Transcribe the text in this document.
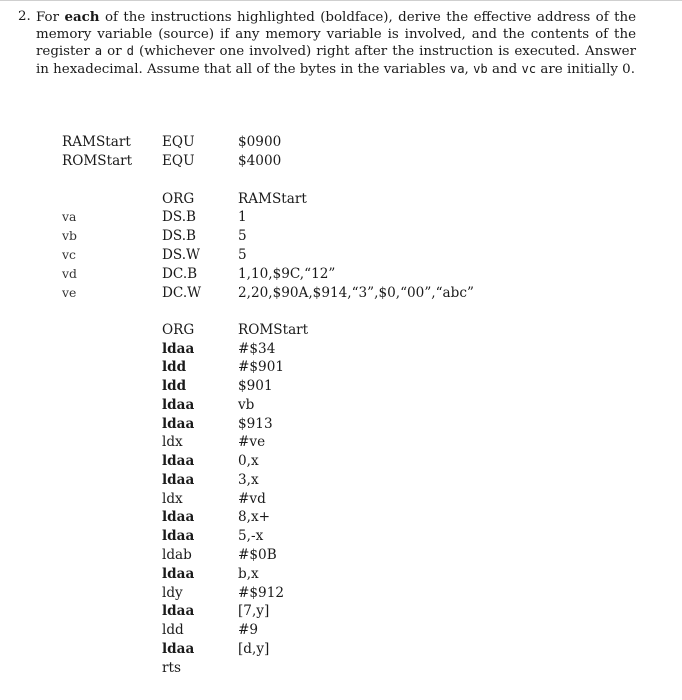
2. For each of the instructions highlighted (boldface), derive the effective address of the memory variable (source) if any memory variable is involved, and the contents of the register a or d (whichever one involved) right after the instruction is executed. Answer in hexadecimal. Assume that all of the bytes in the variables va, vb and vc are initially 0.
RAMStart EQU	$0900
ROMStart EQU	$4000
ORG	RAMStart
va	DS.B	1
vb	DS.B	5
vc	DS.W	5
vd	DC.B	1,10,$9C,“12”
ve	DC.W	2,20,$90A,$914,“3”,$0,“00”,“abc”
ORG	ROMStart
ldaa	#$34
ldd	#$901
ldd	$901
ldaa	vb
ldaa	$913
ldx	#ve
ldaa	0,x
ldaa	3,x
ldx	#vd
ldaa	8,x+
ldaa	5,-x
ldab	#$0B
ldaa	b,x
ldy	#$912
ldaa	[7,y]
ldd	#9
ldaa	[d,y]
rts
